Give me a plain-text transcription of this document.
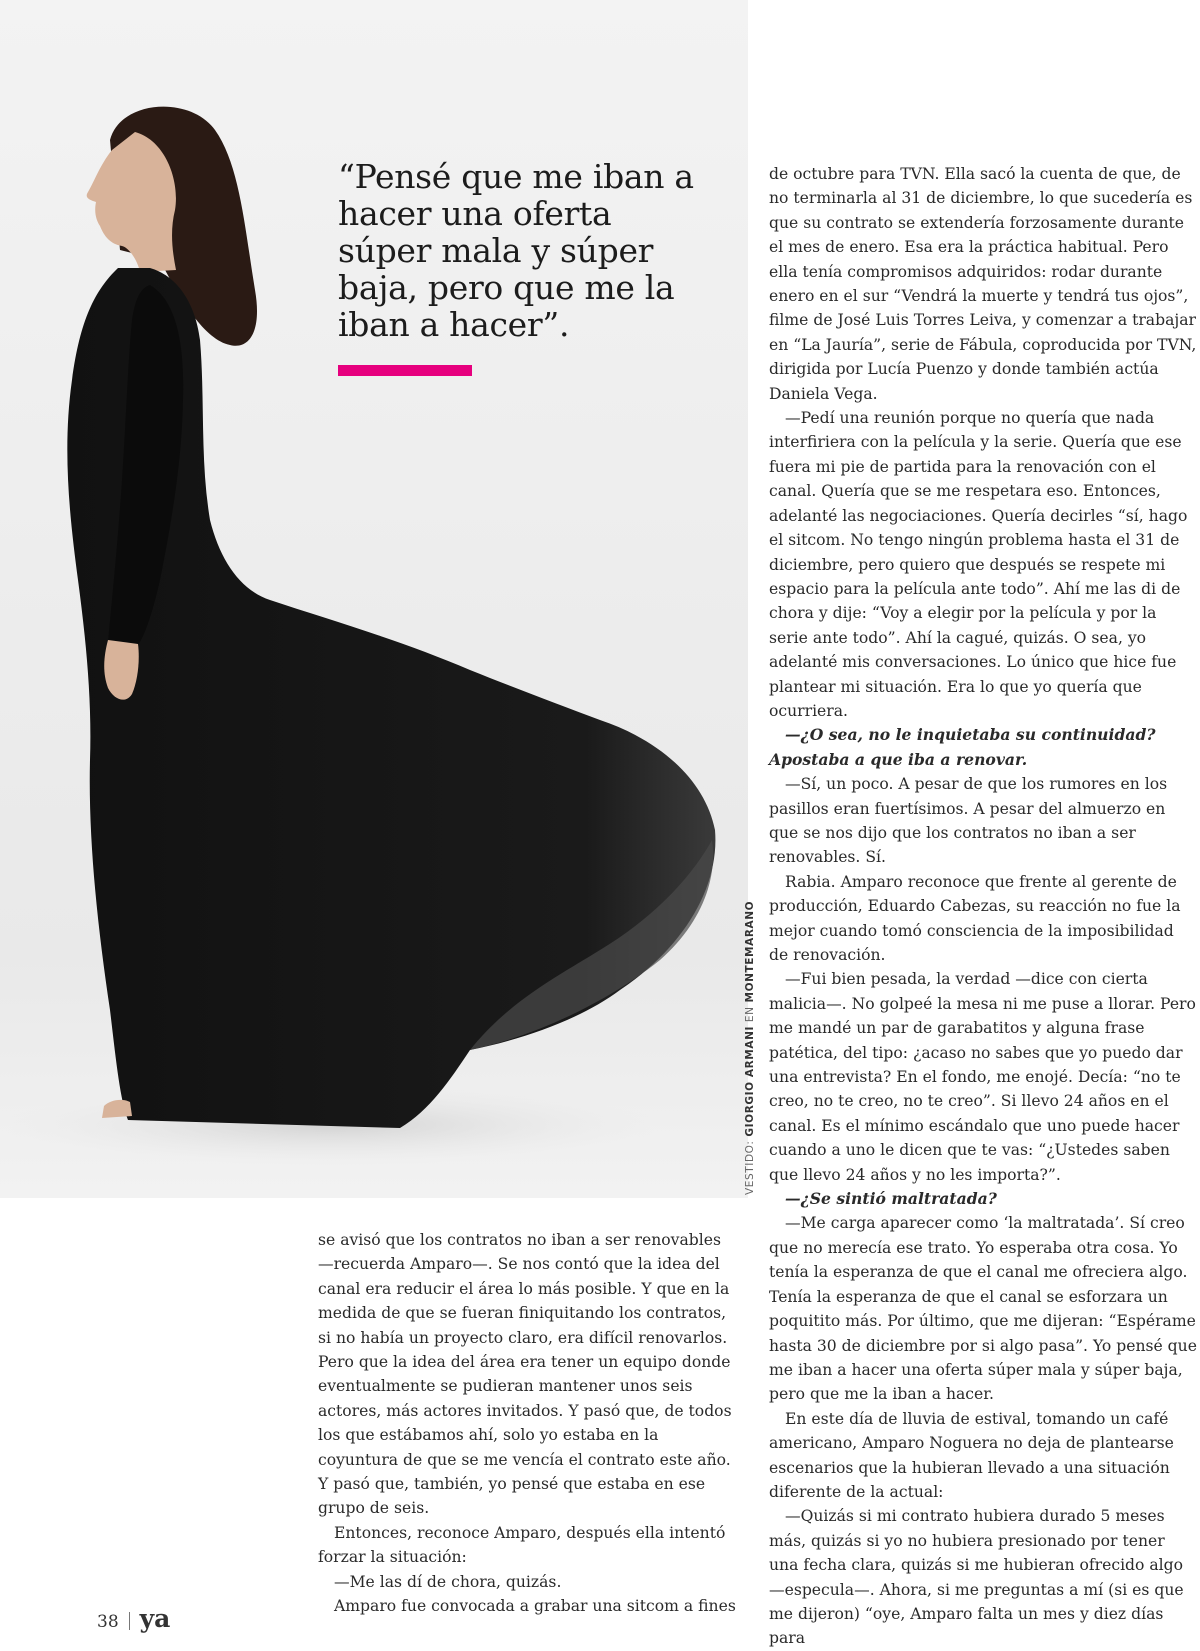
“Pensé que me iban a hacer una oferta súper mala y súper baja, pero que me la iban a hacer”.
VESTIDO: GIORGIO ARMANI EN MONTEMARANO

de octubre para TVN. Ella sacó la cuenta de que, de no terminarla al 31 de diciembre, lo que sucedería es que su contrato se extendería forzosamente durante el mes de enero. Esa era la práctica habitual. Pero ella tenía compromisos adquiridos: rodar durante enero en el sur “Vendrá la muerte y tendrá tus ojos”, filme de José Luis Torres Leiva, y comenzar a trabajar en “La Jauría”, serie de Fábula, coproducida por TVN, dirigida por Lucía Puenzo y donde también actúa Daniela Vega.

—Pedí una reunión porque no quería que nada interfiriera con la película y la serie. Quería que ese fuera mi pie de partida para la renovación con el canal. Quería que se me respetara eso. Entonces, adelanté las negociaciones. Quería decirles “sí, hago el sitcom. No tengo ningún problema hasta el 31 de diciembre, pero quiero que después se respete mi espacio para la película ante todo”. Ahí me las di de chora y dije: “Voy a elegir por la película y por la serie ante todo”. Ahí la cagué, quizás. O sea, yo adelanté mis conversaciones. Lo único que hice fue plantear mi situación. Era lo que yo quería que ocurriera.

—¿O sea, no le inquietaba su continuidad? Apostaba a que iba a renovar.

—Sí, un poco. A pesar de que los rumores en los pasillos eran fuertísimos. A pesar del almuerzo en que se nos dijo que los contratos no iban a ser renovables. Sí.

Rabia. Amparo reconoce que frente al gerente de producción, Eduardo Cabezas, su reacción no fue la mejor cuando tomó consciencia de la imposibilidad de renovación.

—Fui bien pesada, la verdad —dice con cierta malicia—. No golpeé la mesa ni me puse a llorar. Pero me mandé un par de garabatitos y alguna frase patética, del tipo: ¿acaso no sabes que yo puedo dar una entrevista? En el fondo, me enojé. Decía: “no te creo, no te creo, no te creo”. Si llevo 24 años en el canal. Es el mínimo escándalo que uno puede hacer cuando a uno le dicen que te vas: “¿Ustedes saben que llevo 24 años y no les importa?”.

—¿Se sintió maltratada?

—Me carga aparecer como ‘la maltratada’. Sí creo que no merecía ese trato. Yo esperaba otra cosa. Yo tenía la esperanza de que el canal me ofreciera algo. Tenía la esperanza de que el canal se esforzara un poquitito más. Por último, que me dijeran: “Espérame hasta 30 de diciembre por si algo pasa”. Yo pensé que me iban a hacer una oferta súper mala y súper baja, pero que me la iban a hacer.

En este día de lluvia de estival, tomando un café americano, Amparo Noguera no deja de plantearse escenarios que la hubieran llevado a una situación diferente de la actual:

—Quizás si mi contrato hubiera durado 5 meses más, quizás si yo no hubiera presionado por tener una fecha clara, quizás si me hubieran ofrecido algo —especula—. Ahora, si me preguntas a mí (si es que me dijeron) “oye, Amparo falta un mes y diez días para

se avisó que los contratos no iban a ser renovables —recuerda Amparo—. Se nos contó que la idea del canal era reducir el área lo más posible. Y que en la medida de que se fueran finiquitando los contratos, si no había un proyecto claro, era difícil renovarlos. Pero que la idea del área era tener un equipo donde eventualmente se pudieran mantener unos seis actores, más actores invitados. Y pasó que, de todos los que estábamos ahí, solo yo estaba en la coyuntura de que se me vencía el contrato este año. Y pasó que, también, yo pensé que estaba en ese grupo de seis.

Entonces, reconoce Amparo, después ella intentó forzar la situación:

—Me las dí de chora, quizás.

Amparo fue convocada a grabar una sitcom a fines

38 ya
